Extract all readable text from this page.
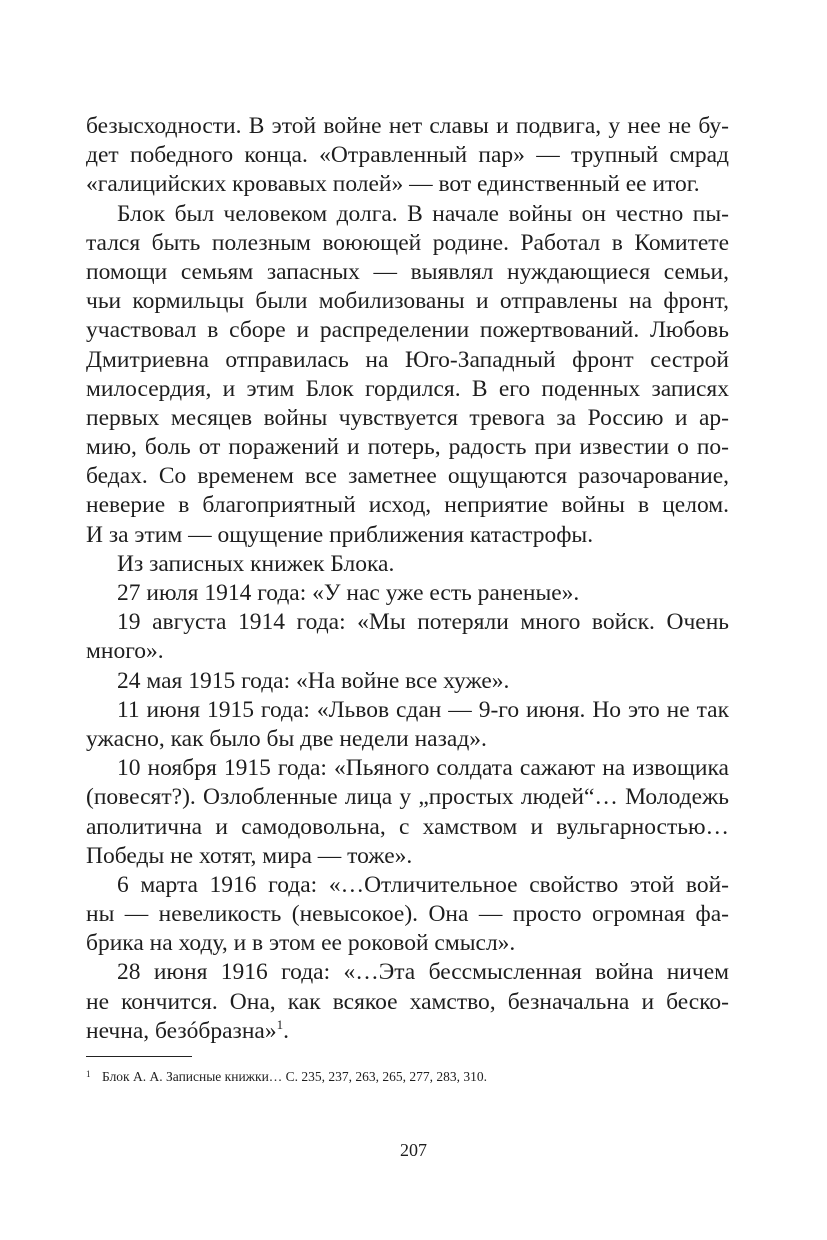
безысходности. В этой войне нет славы и подвига, у нее не бу-
дет победного конца. «Отравленный пар» — трупный смрад
«галицийских кровавых полей» — вот единственный ее итог.
Блок был человеком долга. В начале войны он честно пы-
тался быть полезным воюющей родине. Работал в Комитете
помощи семьям запасных — выявлял нуждающиеся семьи,
чьи кормильцы были мобилизованы и отправлены на фронт,
участвовал в сборе и распределении пожертвований. Любовь
Дмитриевна отправилась на Юго-Западный фронт сестрой
милосердия, и этим Блок гордился. В его поденных записях
первых месяцев войны чувствуется тревога за Россию и ар-
мию, боль от поражений и потерь, радость при известии о по-
бедах. Со временем все заметнее ощущаются разочарование,
неверие в благоприятный исход, неприятие войны в целом.
И за этим — ощущение приближения катастрофы.
Из записных книжек Блока.
27 июля 1914 года: «У нас уже есть раненые».
19 августа 1914 года: «Мы потеряли много войск. Очень
много».
24 мая 1915 года: «На войне все хуже».
11 июня 1915 года: «Львов сдан — 9-го июня. Но это не так
ужасно, как было бы две недели назад».
10 ноября 1915 года: «Пьяного солдата сажают на извощика
(повесят?). Озлобленные лица у „простых людей“… Молодежь
аполитична и самодовольна, с хамством и вульгарностью…
Победы не хотят, мира — тоже».
6 марта 1916 года: «…Отличительное свойство этой вой-
ны — невеликость (невысокое). Она — просто огромная фа-
брика на ходу, и в этом ее роковой смысл».
28 июня 1916 года: «…Эта бессмысленная война ничем
не кончится. Она, как всякое хамство, безначальна и беско-
нечна, безóбразна»$^1$.
1 Блок А. А. Записные книжки… С. 235, 237, 263, 265, 277, 283, 310.
207
